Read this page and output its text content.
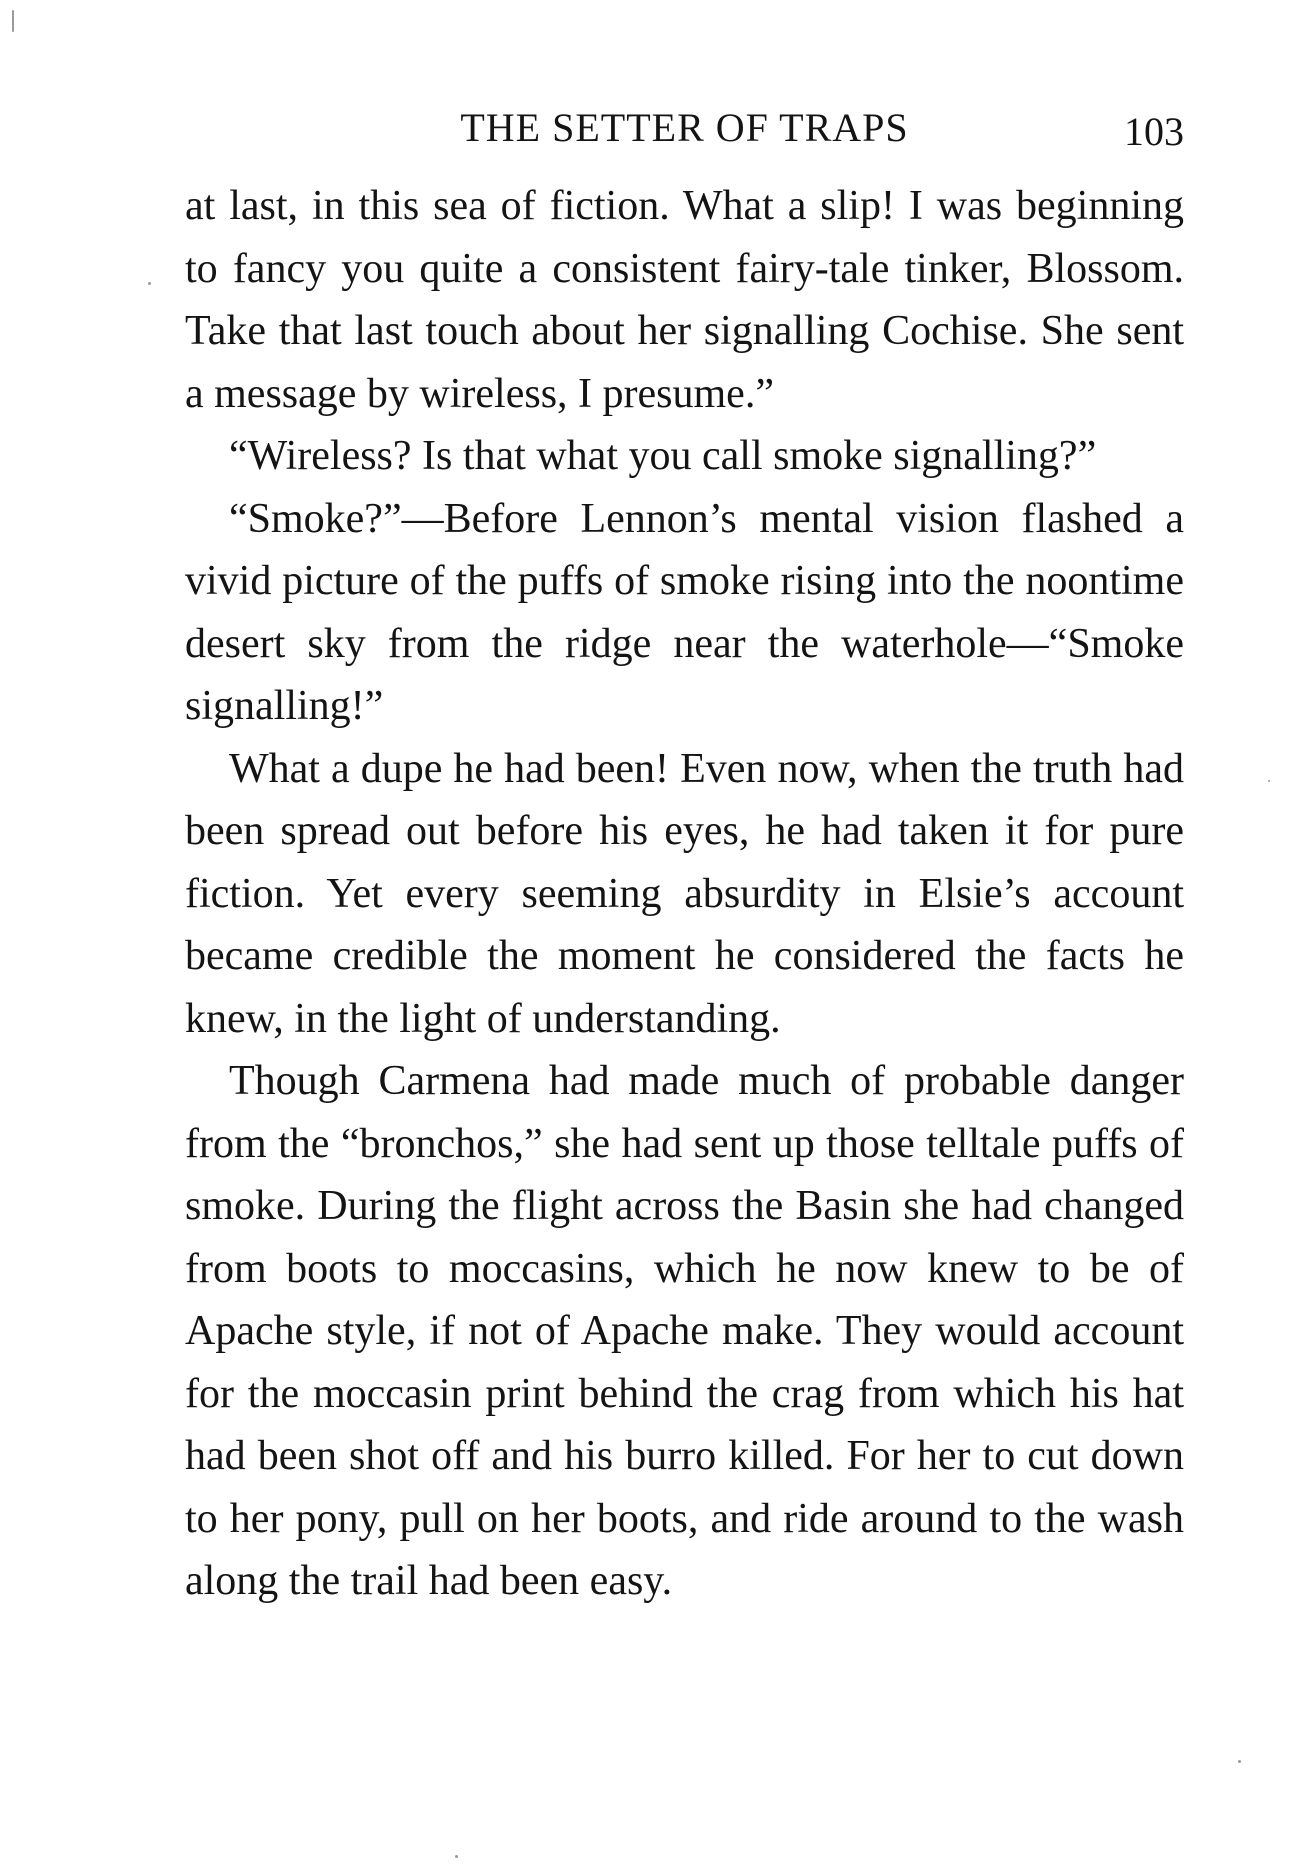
THE SETTER OF TRAPS	103

at last, in this sea of fiction. What a slip! I was beginning to fancy you quite a consistent fairy-tale tinker, Blossom. Take that last touch about her signalling Cochise. She sent a message by wireless, I presume.”

“Wireless? Is that what you call smoke signalling?”

“Smoke?”—Before Lennon’s mental vision flashed a vivid picture of the puffs of smoke rising into the noontime desert sky from the ridge near the waterhole—“Smoke signalling!”

What a dupe he had been! Even now, when the truth had been spread out before his eyes, he had taken it for pure fiction. Yet every seeming absurdity in Elsie’s account became credible the moment he considered the facts he knew, in the light of understanding.

Though Carmena had made much of probable danger from the “bronchos,” she had sent up those telltale puffs of smoke. During the flight across the Basin she had changed from boots to moccasins, which he now knew to be of Apache style, if not of Apache make. They would account for the moccasin print behind the crag from which his hat had been shot off and his burro killed. For her to cut down to her pony, pull on her boots, and ride around to the wash along the trail had been easy.
